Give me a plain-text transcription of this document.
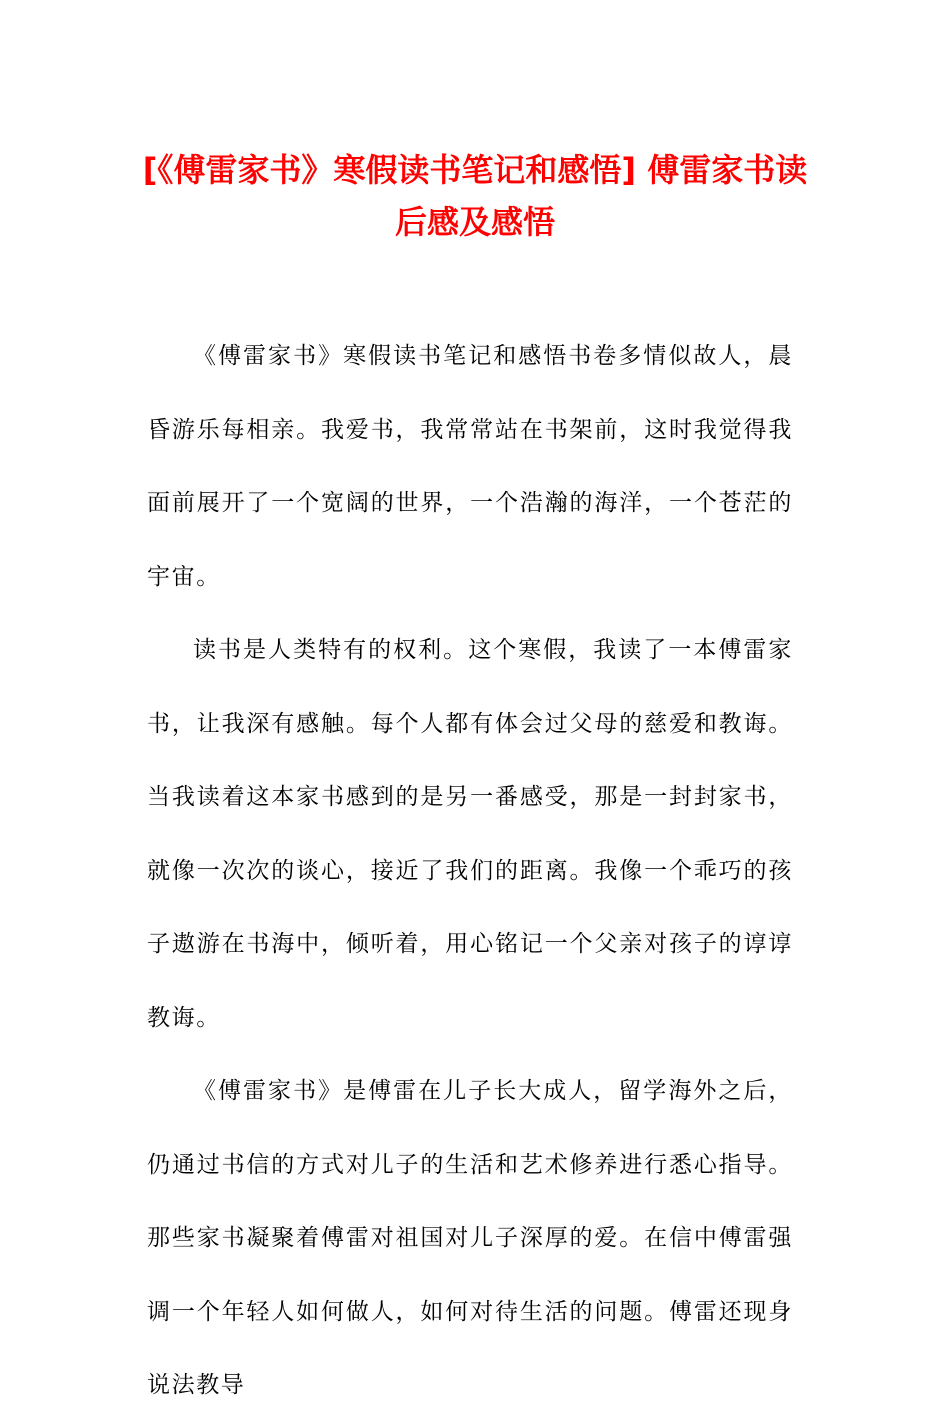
[《傅雷家书》寒假读书笔记和感悟] 傅雷家书读后感及感悟

《傅雷家书》寒假读书笔记和感悟书卷多情似故人，晨昏游乐每相亲。我爱书，我常常站在书架前，这时我觉得我面前展开了一个宽阔的世界，一个浩瀚的海洋，一个苍茫的宇宙。

读书是人类特有的权利。这个寒假，我读了一本傅雷家书，让我深有感触。每个人都有体会过父母的慈爱和教诲。当我读着这本家书感到的是另一番感受，那是一封封家书，就像一次次的谈心，接近了我们的距离。我像一个乖巧的孩子遨游在书海中，倾听着，用心铭记一个父亲对孩子的谆谆教诲。

《傅雷家书》是傅雷在儿子长大成人，留学海外之后，仍通过书信的方式对儿子的生活和艺术修养进行悉心指导。那些家书凝聚着傅雷对祖国对儿子深厚的爱。在信中傅雷强调一个年轻人如何做人，如何对待生活的问题。傅雷还现身说法教导
